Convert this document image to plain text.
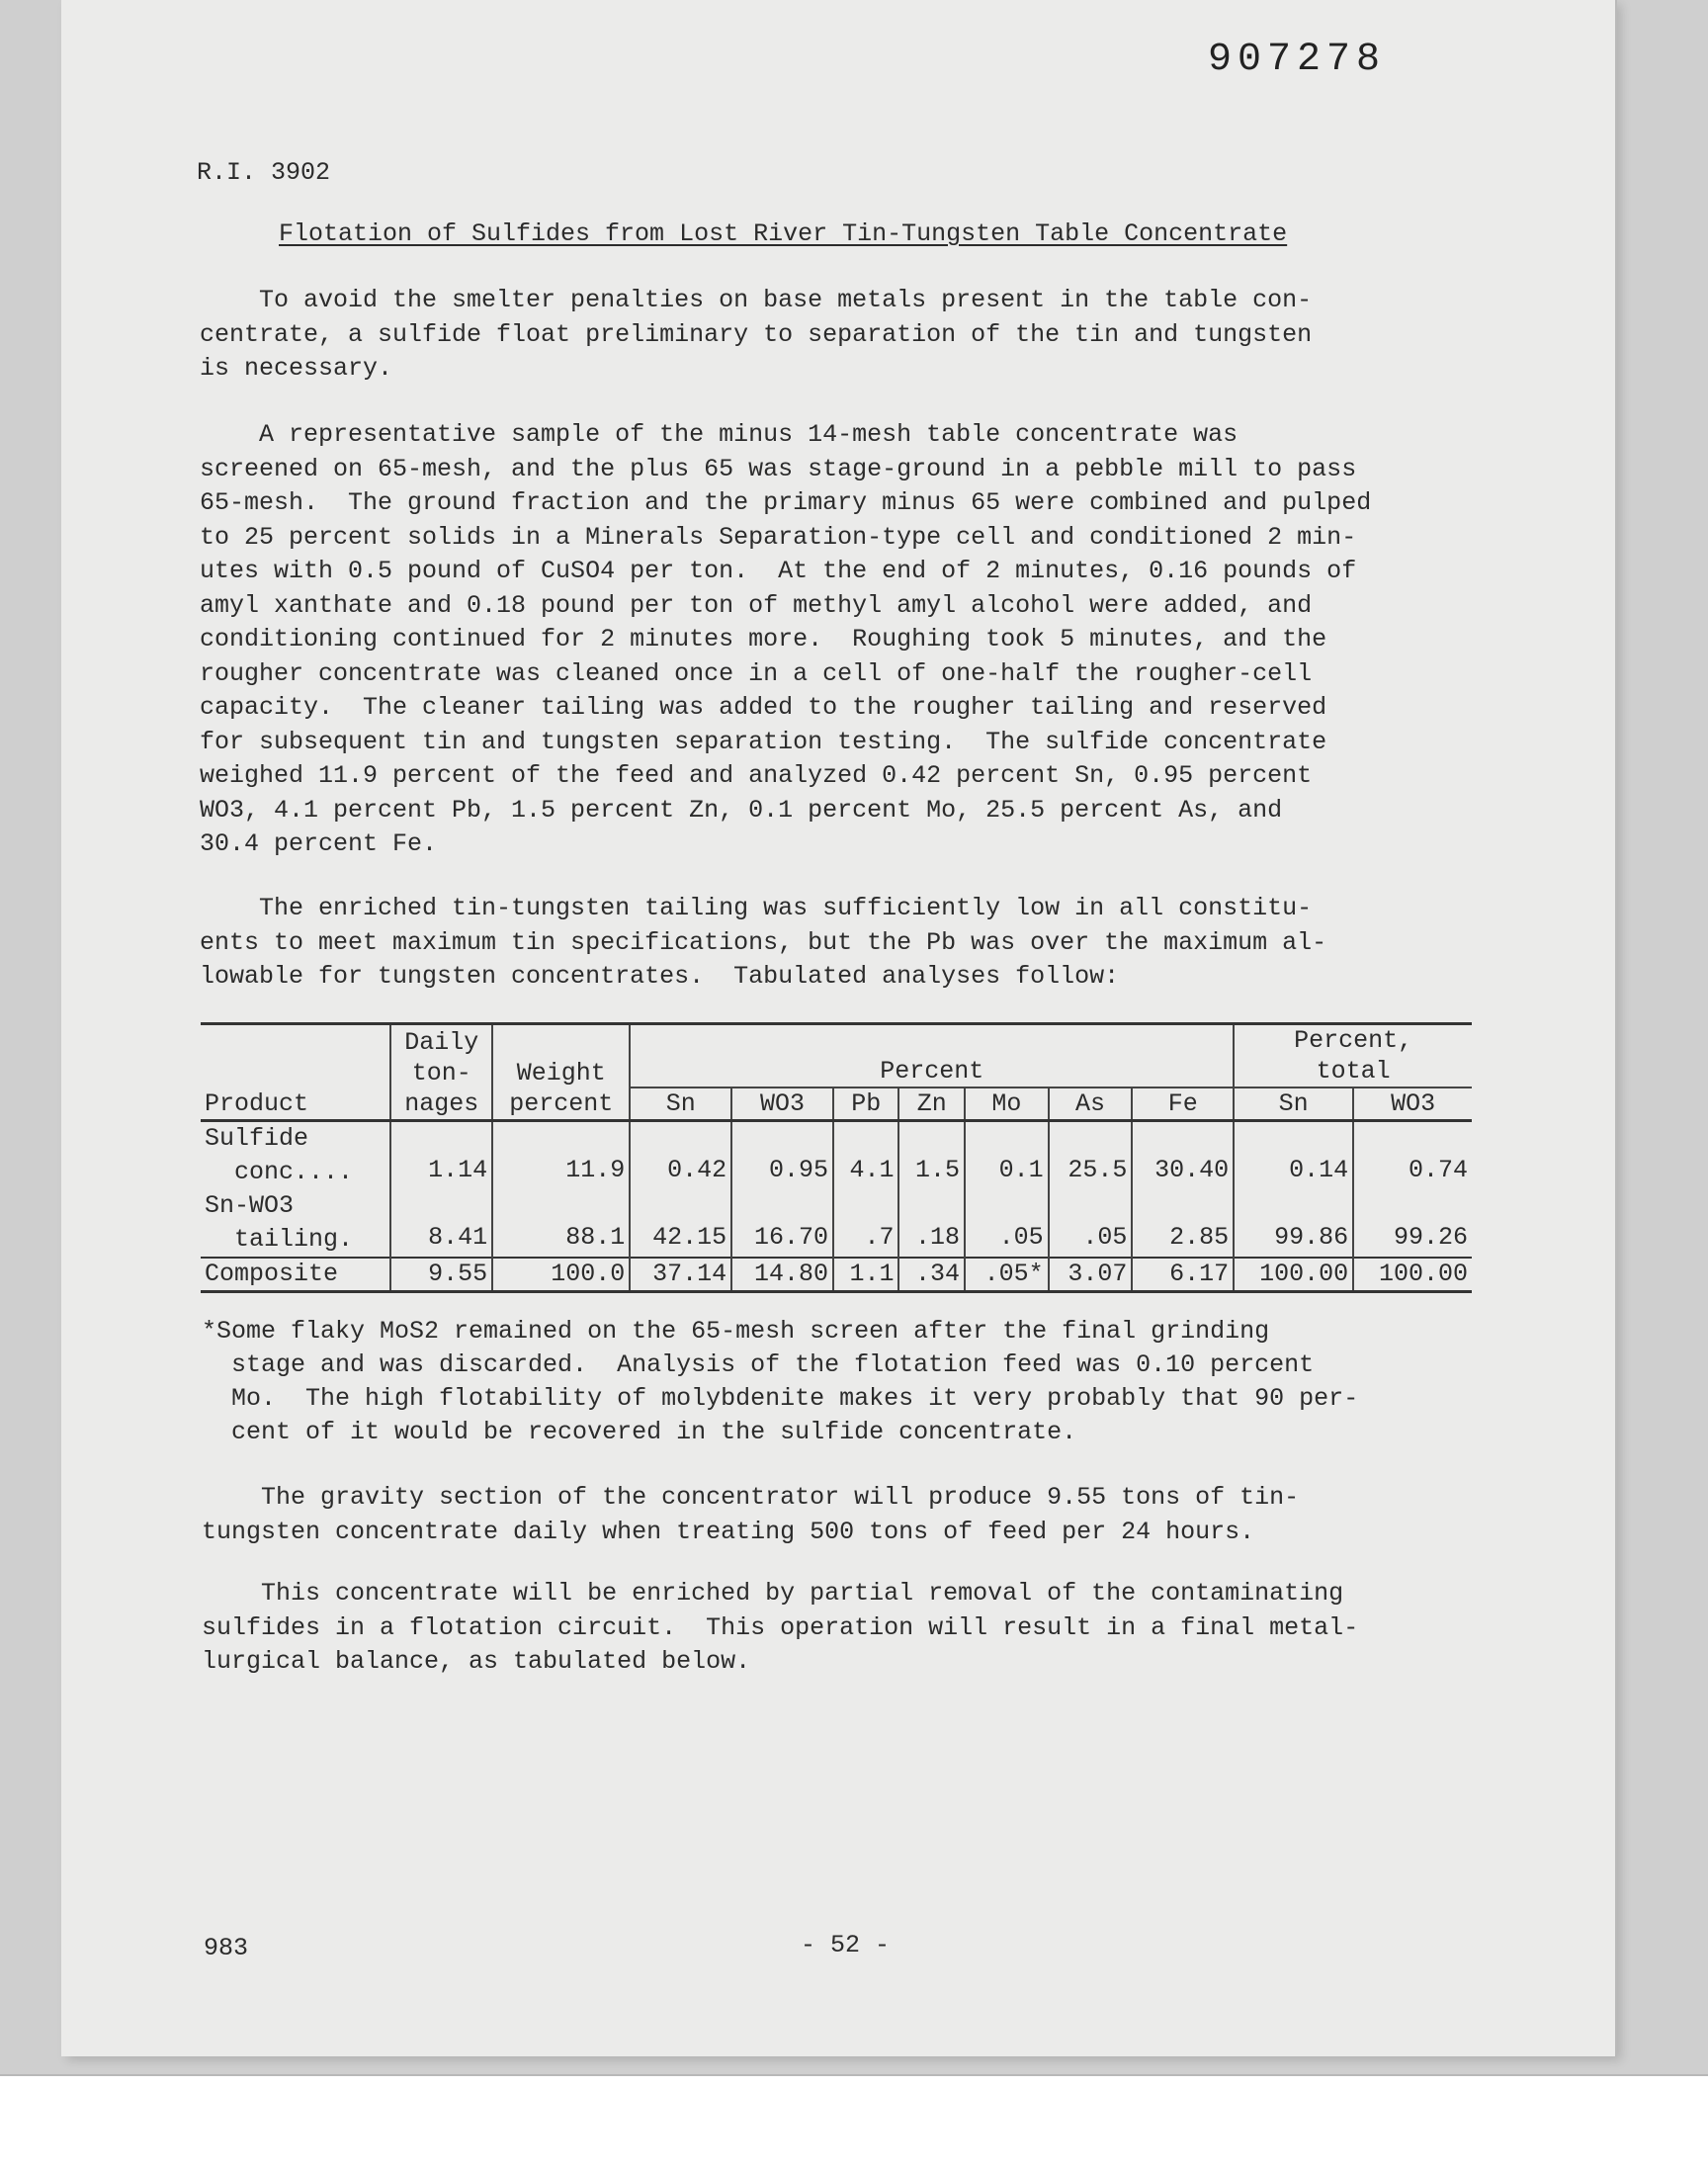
907278
R.I. 3902
Flotation of Sulfides from Lost River Tin-Tungsten Table Concentrate

To avoid the smelter penalties on base metals present in the table con-
centrate, a sulfide float preliminary to separation of the tin and tungsten
is necessary.

A representative sample of the minus 14-mesh table concentrate was
screened on 65-mesh, and the plus 65 was stage-ground in a pebble mill to pass
65-mesh.  The ground fraction and the primary minus 65 were combined and pulped
to 25 percent solids in a Minerals Separation-type cell and conditioned 2 min-
utes with 0.5 pound of CuSO4 per ton.  At the end of 2 minutes, 0.16 pounds of
amyl xanthate and 0.18 pound per ton of methyl amyl alcohol were added, and
conditioning continued for 2 minutes more.  Roughing took 5 minutes, and the
rougher concentrate was cleaned once in a cell of one-half the rougher-cell
capacity.  The cleaner tailing was added to the rougher tailing and reserved
for subsequent tin and tungsten separation testing.  The sulfide concentrate
weighed 11.9 percent of the feed and analyzed 0.42 percent Sn, 0.95 percent
WO3, 4.1 percent Pb, 1.5 percent Zn, 0.1 percent Mo, 25.5 percent As, and
30.4 percent Fe.

The enriched tin-tungsten tailing was sufficiently low in all constitu-
ents to meet maximum tin specifications, but the Pb was over the maximum al-
lowable for tungsten concentrates.  Tabulated analyses follow:

Product	Daily
ton-
nages	Weight
percent	Percent							Percent,
total	
			Sn	WO3	Pb	Zn	Mo	As	Fe	Sn	WO3
Sulfide
conc....	1.14	11.9	0.42	0.95	4.1	1.5	0.1	25.5	30.40	0.14	0.74
Sn-WO3
tailing.	8.41	88.1	42.15	16.70	.7	.18	.05	.05	2.85	99.86	99.26
Composite	9.55	100.0	37.14	14.80	1.1	.34	.05*	3.07	6.17	100.00	100.00

*Some flaky MoS2 remained on the 65-mesh screen after the final grinding
stage and was discarded.  Analysis of the flotation feed was 0.10 percent
Mo.  The high flotability of molybdenite makes it very probably that 90 per-
cent of it would be recovered in the sulfide concentrate.

The gravity section of the concentrator will produce 9.55 tons of tin-
tungsten concentrate daily when treating 500 tons of feed per 24 hours.

This concentrate will be enriched by partial removal of the contaminating
sulfides in a flotation circuit.  This operation will result in a final metal-
lurgical balance, as tabulated below.

983	- 52 -
